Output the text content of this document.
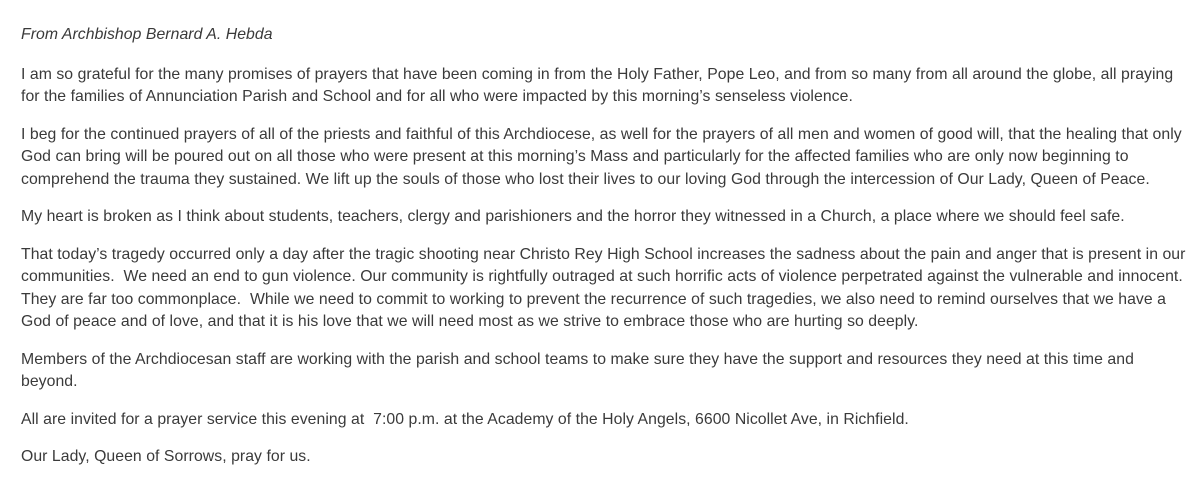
From Archbishop Bernard A. Hebda

I am so grateful for the many promises of prayers that have been coming in from the Holy Father, Pope Leo, and from so many from all around the globe, all praying for the families of Annunciation Parish and School and for all who were impacted by this morning’s senseless violence.

I beg for the continued prayers of all of the priests and faithful of this Archdiocese, as well for the prayers of all men and women of good will, that the healing that only God can bring will be poured out on all those who were present at this morning’s Mass and particularly for the affected families who are only now beginning to comprehend the trauma they sustained. We lift up the souls of those who lost their lives to our loving God through the intercession of Our Lady, Queen of Peace.

My heart is broken as I think about students, teachers, clergy and parishioners and the horror they witnessed in a Church, a place where we should feel safe.

That today’s tragedy occurred only a day after the tragic shooting near Christo Rey High School increases the sadness about the pain and anger that is present in our communities.  We need an end to gun violence. Our community is rightfully outraged at such horrific acts of violence perpetrated against the vulnerable and innocent.  They are far too commonplace.  While we need to commit to working to prevent the recurrence of such tragedies, we also need to remind ourselves that we have a God of peace and of love, and that it is his love that we will need most as we strive to embrace those who are hurting so deeply.

Members of the Archdiocesan staff are working with the parish and school teams to make sure they have the support and resources they need at this time and beyond.

All are invited for a prayer service this evening at  7:00 p.m. at the Academy of the Holy Angels, 6600 Nicollet Ave, in Richfield.

Our Lady, Queen of Sorrows, pray for us.
